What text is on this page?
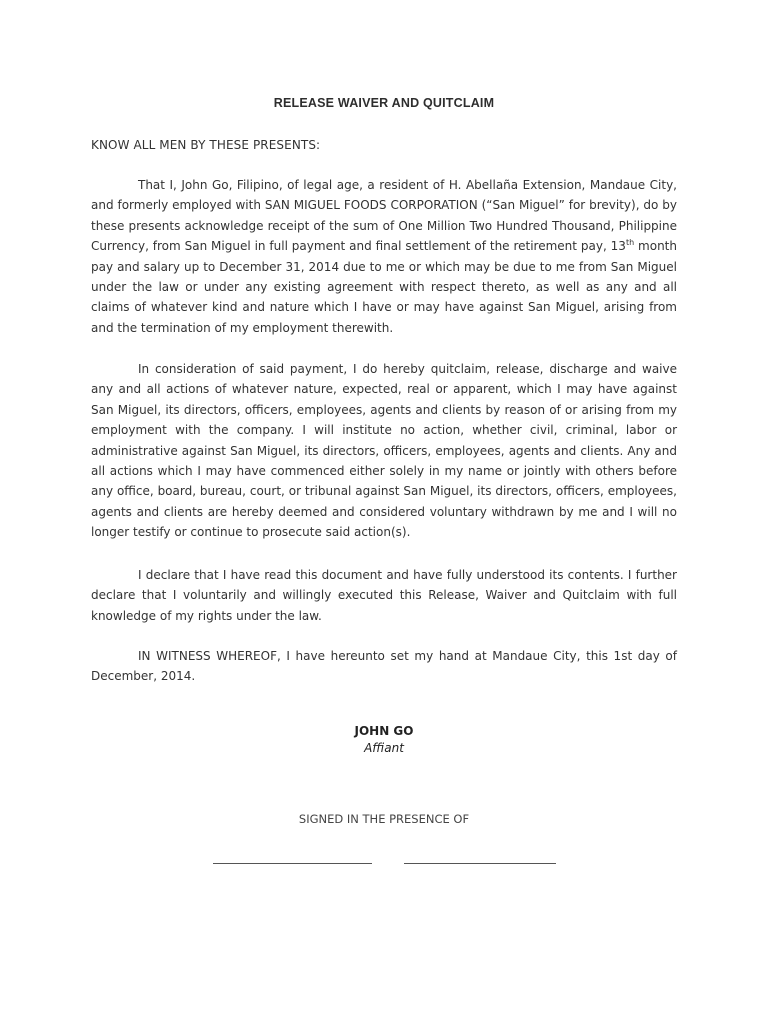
RELEASE WAIVER AND QUITCLAIM
KNOW ALL MEN BY THESE PRESENTS:

That I, John Go, Filipino, of legal age, a resident of H. Abellaña Extension, Mandaue City, and formerly employed with SAN MIGUEL FOODS CORPORATION (“San Miguel” for brevity), do by these presents acknowledge receipt of the sum of One Million Two Hundred Thousand, Philippine Currency, from San Miguel in full payment and final settlement of the retirement pay, 13th month pay and salary up to December 31, 2014 due to me or which may be due to me from San Miguel under the law or under any existing agreement with respect thereto, as well as any and all claims of whatever kind and nature which I have or may have against San Miguel, arising from and the termination of my employment therewith.

In consideration of said payment, I do hereby quitclaim, release, discharge and waive any and all actions of whatever nature, expected, real or apparent, which I may have against San Miguel, its directors, officers, employees, agents and clients by reason of or arising from my employment with the company. I will institute no action, whether civil, criminal, labor or administrative against San Miguel, its directors, officers, employees, agents and clients. Any and all actions which I may have commenced either solely in my name or jointly with others before any office, board, bureau, court, or tribunal against San Miguel, its directors, officers, employees, agents and clients are hereby deemed and considered voluntary withdrawn by me and I will no longer testify or continue to prosecute said action(s).

I declare that I have read this document and have fully understood its contents. I further declare that I voluntarily and willingly executed this Release, Waiver and Quitclaim with full knowledge of my rights under the law.

IN WITNESS WHEREOF, I have hereunto set my hand at Mandaue City, this 1st day of December, 2014.

JOHN GO
Affiant
SIGNED IN THE PRESENCE OF
